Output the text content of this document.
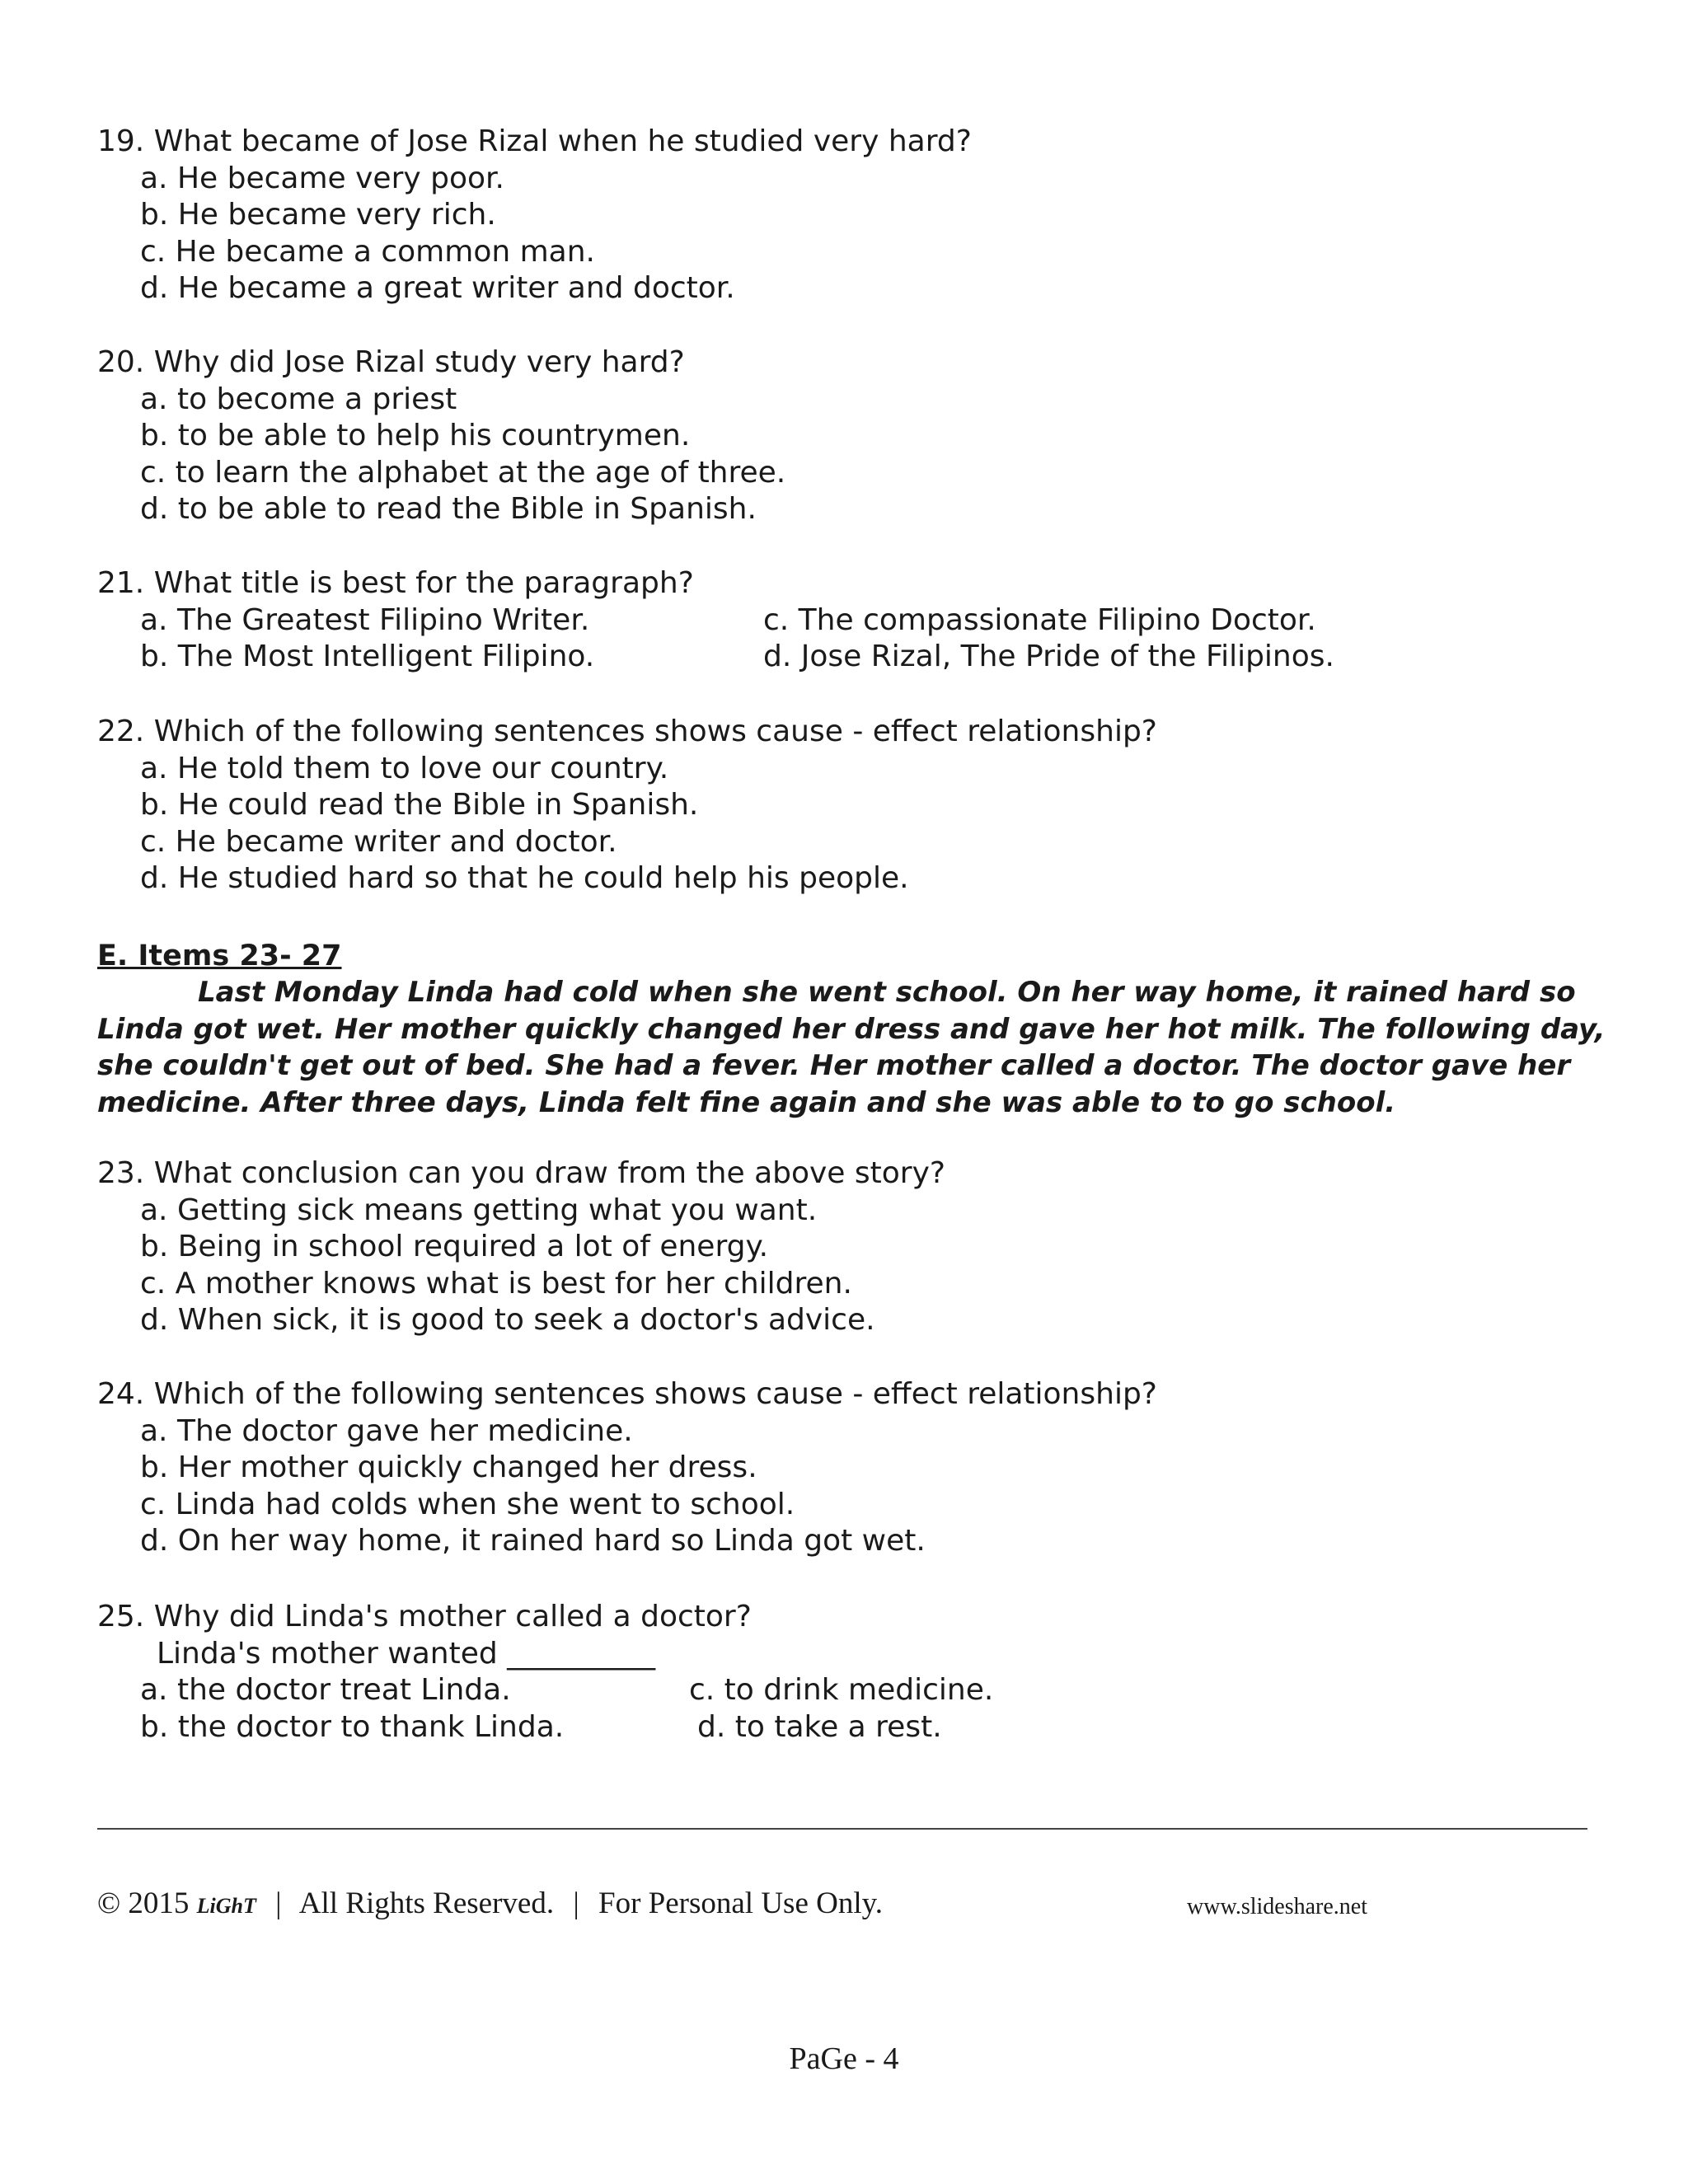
19. What became of Jose Rizal when he studied very hard?
a. He became very poor.
b. He became very rich.
c. He became a common man.
d. He became a great writer and doctor.
20. Why did Jose Rizal study very hard?
a. to become a priest
b. to be able to help his countrymen.
c. to learn the alphabet at the age of three.
d. to be able to read the Bible in Spanish.
21. What title is best for the paragraph?
a. The Greatest Filipino Writer.	c. The compassionate Filipino Doctor.
b. The Most Intelligent Filipino.	d. Jose Rizal, The Pride of the Filipinos.
22. Which of the following sentences shows cause - effect relationship?
a. He told them to love our country.
b. He could read the Bible in Spanish.
c. He became writer and doctor.
d. He studied hard so that he could help his people.
E. Items 23- 27
Last Monday Linda had cold when she went school. On her way home, it rained hard so Linda got wet. Her mother quickly changed her dress and gave her hot milk. The following day, she couldn't get out of bed. She had a fever. Her mother called a doctor. The doctor gave her medicine. After three days, Linda felt fine again and she was able to to go school.
23. What conclusion can you draw from the above story?
a. Getting sick means getting what you want.
b. Being in school required a lot of energy.
c. A mother knows what is best for her children.
d. When sick, it is good to seek a doctor's advice.
24. Which of the following sentences shows cause - effect relationship?
a. The doctor gave her medicine.
b. Her mother quickly changed her dress.
c. Linda had colds when she went to school.
d. On her way home, it rained hard so Linda got wet.
25. Why did Linda's mother called a doctor?
Linda's mother wanted __________
a. the doctor treat Linda.	c. to drink medicine.
b. the doctor to thank Linda.	d. to take a rest.
© 2015 LiGhT | All Rights Reserved. | For Personal Use Only.	www.slideshare.net
PaGe - 4
